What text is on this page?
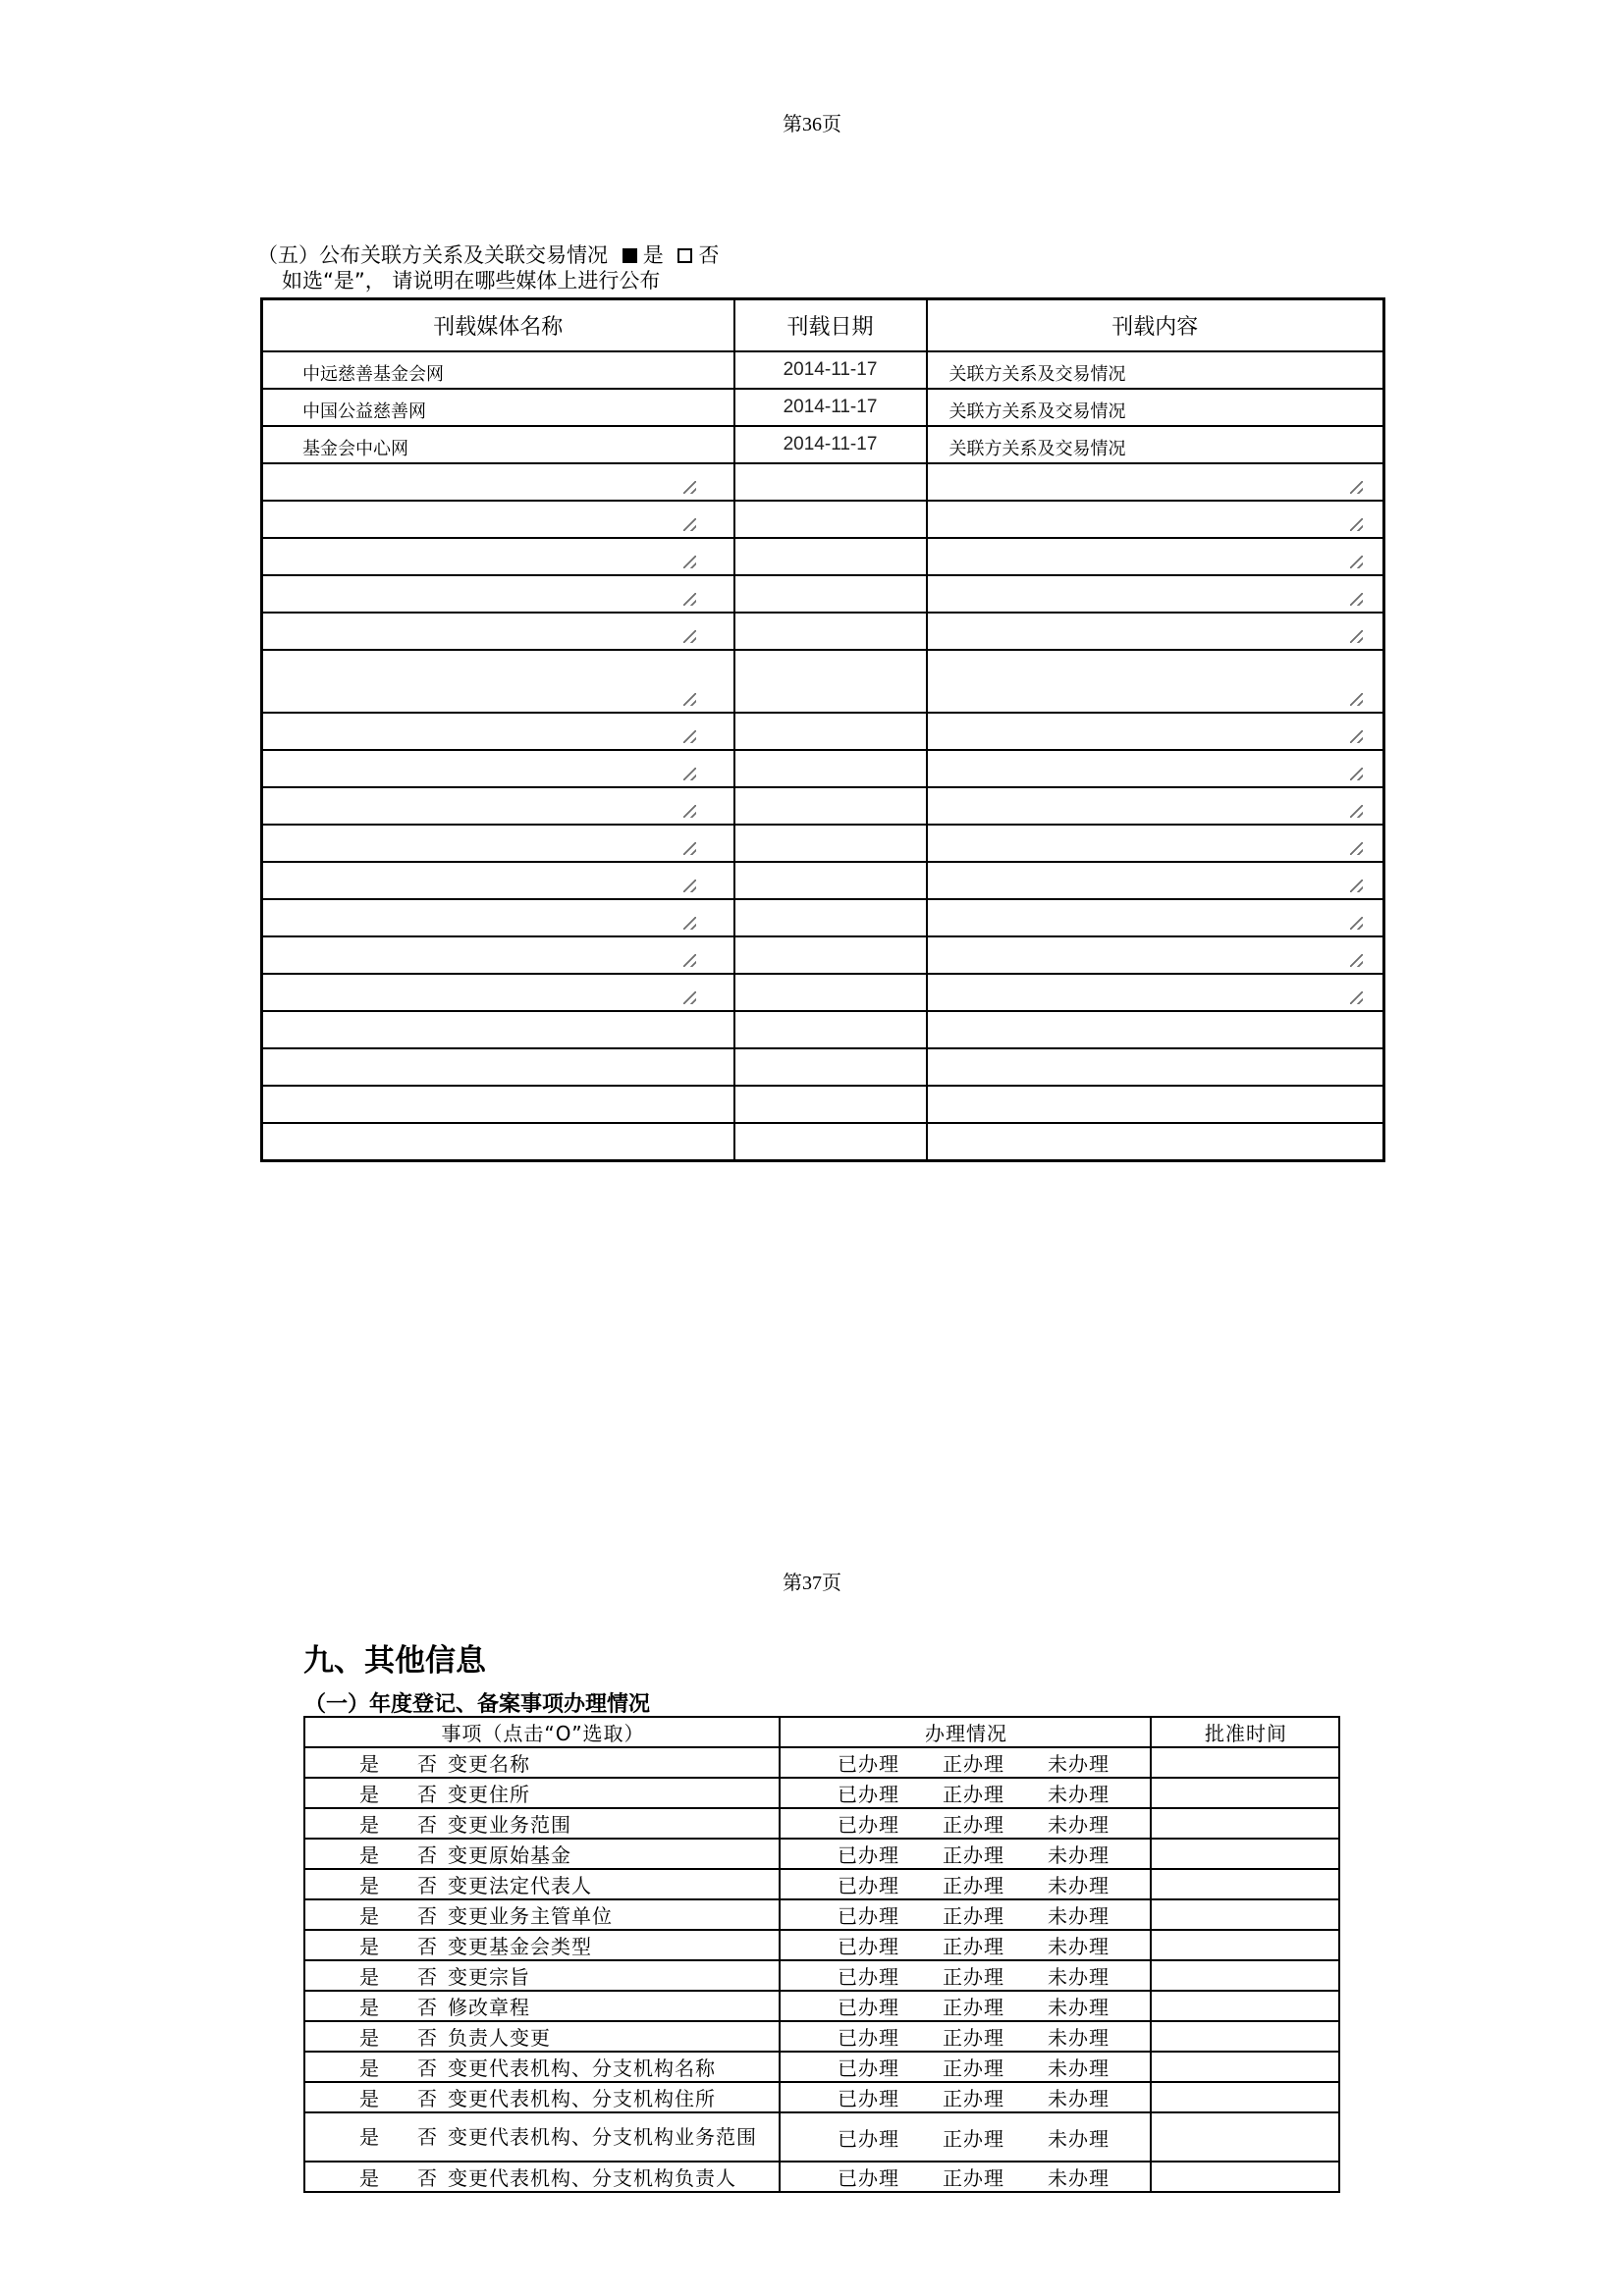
第36页
（五）公布关联方关系及关联交易情况 是 否
如选“是”， 请说明在哪些媒体上进行公布
刊载媒体名称	刊载日期	刊载内容
中远慈善基金会网	2014-11-17	关联方关系及交易情况
中国公益慈善网	2014-11-17	关联方关系及交易情况
基金会中心网	2014-11-17	关联方关系及交易情况

第37页
九、其他信息
（一）年度登记、备案事项办理情况
事项（点击“O”选取）	办理情况	批准时间
是 否 变更名称	已办理 正办理 未办理	
是 否 变更住所	已办理 正办理 未办理	
是 否 变更业务范围	已办理 正办理 未办理	
是 否 变更原始基金	已办理 正办理 未办理	
是 否 变更法定代表人	已办理 正办理 未办理	
是 否 变更业务主管单位	已办理 正办理 未办理	
是 否 变更基金会类型	已办理 正办理 未办理	
是 否 变更宗旨	已办理 正办理 未办理	
是 否 修改章程	已办理 正办理 未办理	
是 否 负责人变更	已办理 正办理 未办理	
是 否 变更代表机构、分支机构名称	已办理 正办理 未办理	
是 否 变更代表机构、分支机构住所	已办理 正办理 未办理	
是 否 变更代表机构、分支机构业务范围	已办理 正办理 未办理	
是 否 变更代表机构、分支机构负责人	已办理 正办理 未办理	
